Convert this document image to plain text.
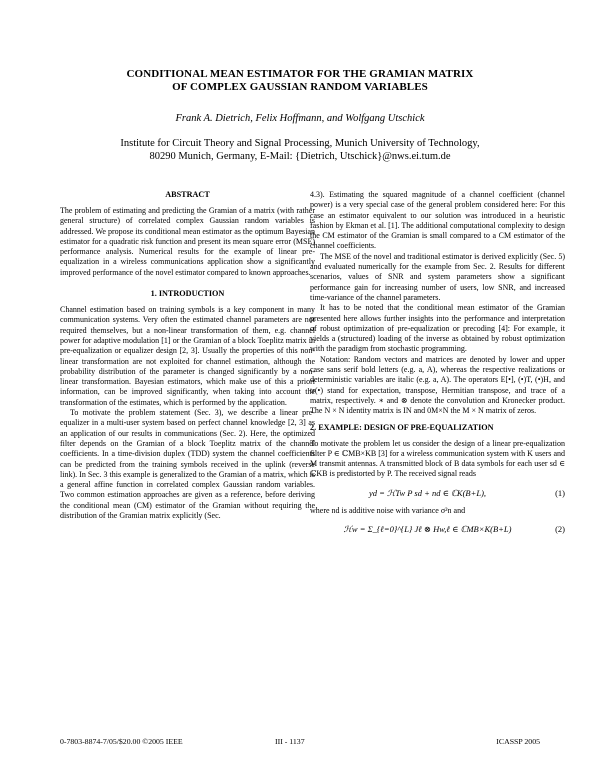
CONDITIONAL MEAN ESTIMATOR FOR THE GRAMIAN MATRIX
OF COMPLEX GAUSSIAN RANDOM VARIABLES
Frank A. Dietrich, Felix Hoffmann, and Wolfgang Utschick
Institute for Circuit Theory and Signal Processing, Munich University of Technology,
80290 Munich, Germany, E-Mail: {Dietrich, Utschick}@nws.ei.tum.de
ABSTRACT

The problem of estimating and predicting the Gramian of a matrix (with rather general structure) of correlated complex Gaussian random variables is addressed. We propose its conditional mean estimator as the optimum Bayesian estimator for a quadratic risk function and present its mean square error (MSE) performance analysis. Numerical results for the example of linear pre-equalization in a wireless communications application show a significantly improved performance of the novel estimator compared to known approaches.

1. INTRODUCTION

Channel estimation based on training symbols is a key component in many communication systems. Very often the estimated channel parameters are not required themselves, but a non-linear transformation of them, e.g. channel power for adaptive modulation [1] or the Gramian of a block Toeplitz matrix in pre-equalization or equalizer design [2, 3]. Usually the properties of this non-linear transformation are not exploited for channel estimation, although the probability distribution of the parameter is changed significantly by a non-linear transformation. Bayesian estimators, which make use of this a priori information, can be improved significantly, when taking into account the transformation of the estimates, which is performed by the application.

To motivate the problem statement (Sec. 3), we describe a linear pre-equalizer in a multi-user system based on perfect channel knowledge [2, 3] as an application of our results in communications (Sec. 2). Here, the optimized filter depends on the Gramian of a block Toeplitz matrix of the channel coefficients. In a time-division duplex (TDD) system the channel coefficients can be predicted from the training symbols received in the uplink (reverse link). In Sec. 3 this example is generalized to the Gramian of a matrix, which is a general affine function in correlated complex Gaussian random variables. Two common estimation approaches are given as a reference, before deriving the conditional mean (CM) estimator of the Gramian without requiring the distribution of the Gramian matrix explicitly (Sec.

4.3). Estimating the squared magnitude of a channel coefficient (channel power) is a very special case of the general problem considered here: For this case an estimator equivalent to our solution was introduced in a heuristic fashion by Ekman et al. [1]. The additional computational complexity to design the CM estimator of the Gramian is small compared to a CM estimator of the channel coefficients.

The MSE of the novel and traditional estimator is derived explicitly (Sec. 5) and evaluated numerically for the example from Sec. 2. Results for different scenarios, values of SNR and system parameters show a significant performance gain for increasing number of users, low SNR, and increased time-variance of the channel parameters.

It has to be noted that the conditional mean estimator of the Gramian presented here allows further insights into the performance and interpretation of robust optimization of pre-equalization or precoding [4]: For example, it yields a (structured) loading of the inverse as obtained by robust optimization with the paradigm from stochastic programming.

Notation: Random vectors and matrices are denoted by lower and upper case sans serif bold letters (e.g. a, A), whereas the respective realizations or deterministic variables are italic (e.g. a, A). The operators E[•], (•)T, (•)H, and tr(•) stand for expectation, transpose, Hermitian transpose, and trace of a matrix, respectively. ∗ and ⊗ denote the convolution and Kronecker product. The N × N identity matrix is IN and 0M×N the M × N matrix of zeros.

2. EXAMPLE: DESIGN OF PRE-EQUALIZATION

To motivate the problem let us consider the design of a linear pre-equalization filter P ∈ ℂMB×KB [3] for a wireless communication system with K users and M transmit antennas. A transmitted block of B data symbols for each user sd ∈ ℂKB is predistorted by P. The received signal reads

yd = ℋTw P sd + nd ∈ ℂK(B+L),	(1)

where nd is additive noise with variance σ²n and

ℋw = Σ_{ℓ=0}^{L} Jℓ ⊗ Hw,ℓ ∈ ℂMB×K(B+L)	(2)
0-7803-8874-7/05/$20.00 ©2005 IEEE	III - 1137	ICASSP 2005
